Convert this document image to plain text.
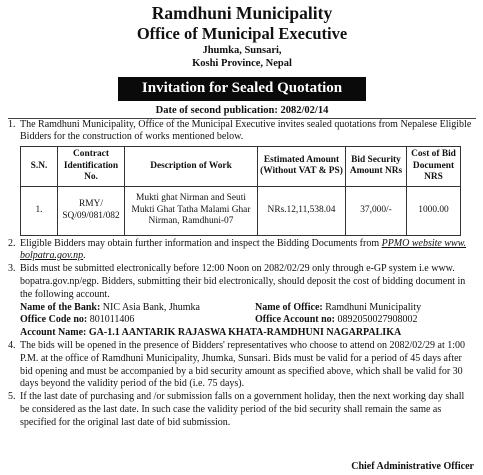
Ramdhuni Municipality
Office of Municipal Executive
Jhumka, Sunsari,
Koshi Province, Nepal
Invitation for Sealed Quotation
Date of second publication: 2082/02/14
1. The Ramdhuni Municipality, Office of the Municipal Executive invites sealed quotations from Nepalese Eligible Bidders for the construction of works mentioned below.
S.N.	Contract Identification No.	Description of Work	Estimated Amount (Without VAT & PS)	Bid Security Amount NRs	Cost of Bid Document NRS
1.	RMY/ SQ/09/081/082	Mukti ghat Nirman and Seuti Mukti Ghat Tatha Malami Ghar Nirman, Ramdhuni-07	NRs.12,11,538.04	37,000/-	1000.00
2. Eligible Bidders may obtain further information and inspect the Bidding Documents from PPMO website www. bolpatra.gov.np.
3. Bids must be submitted electronically before 12:00 Noon on 2082/02/29 only through e-GP system i.e www. bopatra.gov.np/egp. Bidders, submitting their bid electronically, should deposit the cost of bidding document in the following account.
Name of the Bank: NIC Asia Bank, Jhumka	Name of Office: Ramdhuni Municipality
Office Code no: 801011406	Office Account no: 0892050027908002
Account Name: GA-1.1 AANTARIK RAJASWA KHATA-RAMDHUNI NAGARPALIKA
4. The bids will be opened in the presence of Bidders' representatives who choose to attend on 2082/02/29 at 1:00 P.M. at the office of Ramdhuni Municipality, Jhumka, Sunsari. Bids must be valid for a period of 45 days after bid opening and must be accompanied by a bid security amount as specified above, which shall be valid for 30 days beyond the validity period of the bid (i.e. 75 days).
5. If the last date of purchasing and /or submission falls on a government holiday, then the next working day shall be considered as the last date. In such case the validity period of the bid security shall remain the same as specified for the original last date of bid submission.
Chief Administrative Officer
